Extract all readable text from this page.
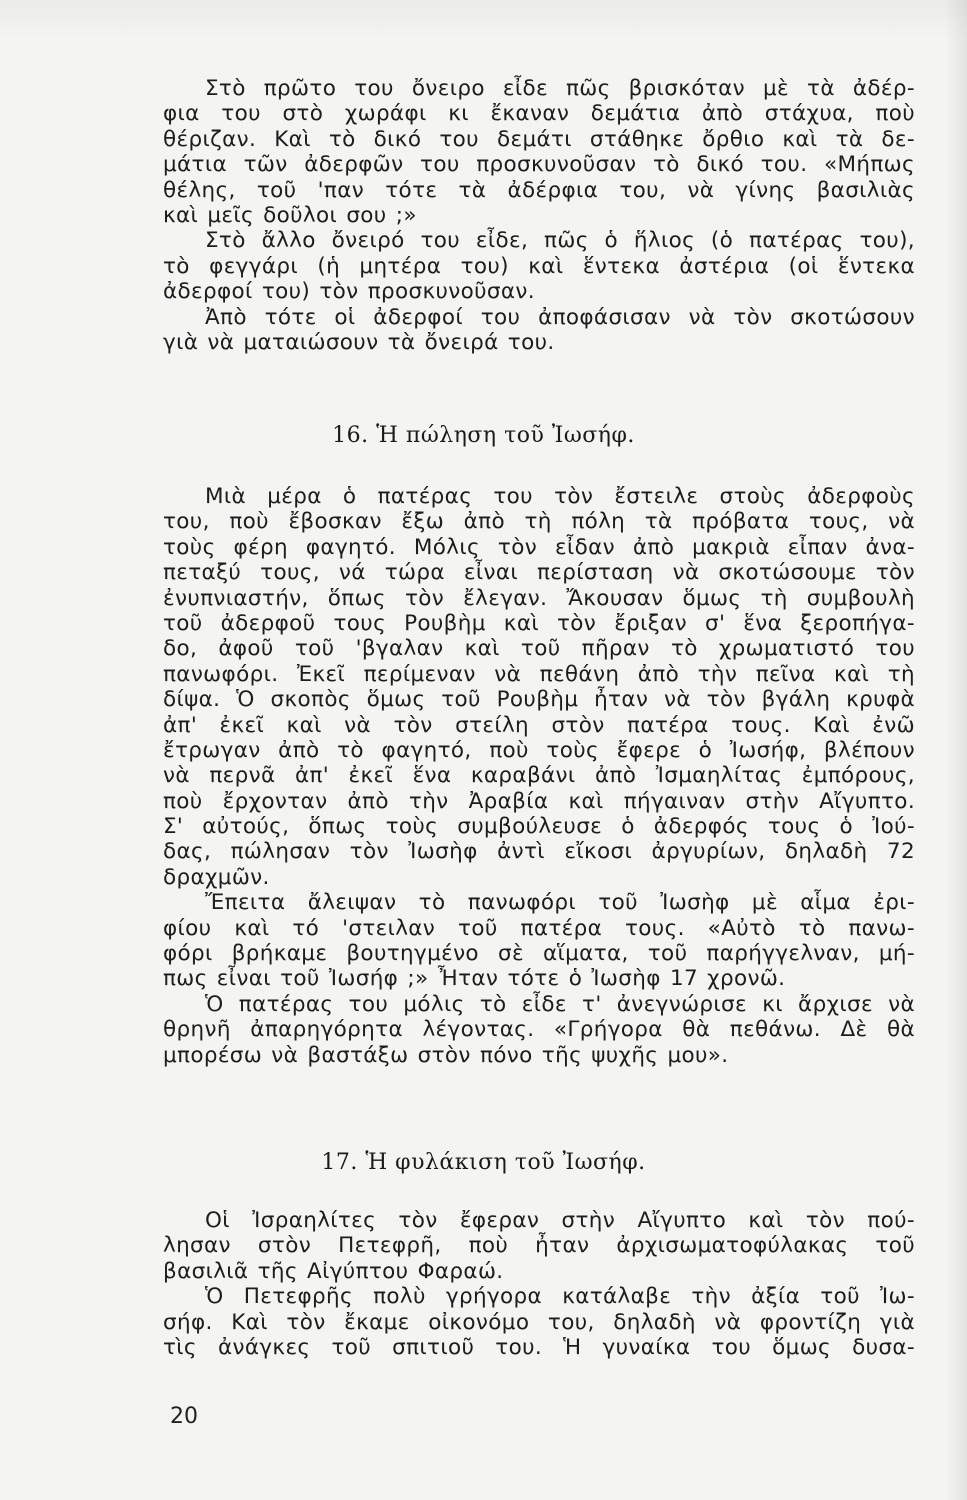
Στὸ πρῶτο του ὄνειρο εἶδε πῶς βρισκόταν μὲ τὰ ἀδέρ-
φια του στὸ χωράφι κι ἔκαναν δεμάτια ἀπὸ στάχυα, ποὺ
θέριζαν. Καὶ τὸ δικό του δεμάτι στάθηκε ὄρθιο καὶ τὰ δε-
μάτια τῶν ἀδερφῶν του προσκυνοῦσαν τὸ δικό του. «Μήπως
θέλης, τοῦ 'παν τότε τὰ ἀδέρφια του, νὰ γίνης βασιλιὰς
καὶ μεῖς δοῦλοι σου ;»
Στὸ ἄλλο ὄνειρό του εἶδε, πῶς ὁ ἥλιος (ὁ πατέρας του),
τὸ φεγγάρι (ἡ μητέρα του) καὶ ἕντεκα ἀστέρια (οἱ ἕντεκα
ἀδερφοί του) τὸν προσκυνοῦσαν.
Ἀπὸ τότε οἱ ἀδερφοί του ἀποφάσισαν νὰ τὸν σκοτώσουν
γιὰ νὰ ματαιώσουν τὰ ὄνειρά του.
16. Ἡ πώληση τοῦ Ἰωσήφ.
Μιὰ μέρα ὁ πατέρας του τὸν ἔστειλε στοὺς ἀδερφοὺς
του, ποὺ ἔβοσκαν ἔξω ἀπὸ τὴ πόλη τὰ πρόβατα τους, νὰ
τοὺς φέρη φαγητό. Μόλις τὸν εἶδαν ἀπὸ μακριὰ εἶπαν ἀνα-
πεταξύ τους, νά τώρα εἶναι περίσταση νὰ σκοτώσουμε τὸν
ἐνυπνιαστήν, ὅπως τὸν ἔλεγαν. Ἄκουσαν ὅμως τὴ συμβουλὴ
τοῦ ἀδερφοῦ τους Ρουβὴμ καὶ τὸν ἔριξαν σ' ἕνα ξεροπήγα-
δο, ἀφοῦ τοῦ 'βγαλαν καὶ τοῦ πῆραν τὸ χρωματιστό του
πανωφόρι. Ἐκεῖ περίμεναν νὰ πεθάνη ἀπὸ τὴν πεῖνα καὶ τὴ
δίψα. Ὁ σκοπὸς ὅμως τοῦ Ρουβὴμ ἦταν νὰ τὸν βγάλη κρυφὰ
ἀπ' ἐκεῖ καὶ νὰ τὸν στείλη στὸν πατέρα τους. Καὶ ἐνῶ
ἔτρωγαν ἀπὸ τὸ φαγητό, ποὺ τοὺς ἔφερε ὁ Ἰωσήφ, βλέπουν
νὰ περνᾶ ἀπ' ἐκεῖ ἕνα καραβάνι ἀπὸ Ἰσμαηλίτας ἐμπόρους,
ποὺ ἔρχονταν ἀπὸ τὴν Ἀραβία καὶ πήγαιναν στὴν Αἴγυπτο.
Σ' αὐτούς, ὅπως τοὺς συμβούλευσε ὁ ἀδερφός τους ὁ Ἰού-
δας, πώλησαν τὸν Ἰωσὴφ ἀντὶ εἴκοσι ἀργυρίων, δηλαδὴ 72
δραχμῶν.
Ἔπειτα ἄλειψαν τὸ πανωφόρι τοῦ Ἰωσὴφ μὲ αἷμα ἐρι-
φίου καὶ τό 'στειλαν τοῦ πατέρα τους. «Αὐτὸ τὸ πανω-
φόρι βρήκαμε βουτηγμένο σὲ αἵματα, τοῦ παρήγγελναν, μή-
πως εἶναι τοῦ Ἰωσήφ ;» Ἦταν τότε ὁ Ἰωσὴφ 17 χρονῶ.
Ὁ πατέρας του μόλις τὸ εἶδε τ' ἀνεγνώρισε κι ἄρχισε νὰ
θρηνῆ ἀπαρηγόρητα λέγοντας. «Γρήγορα θὰ πεθάνω. Δὲ θὰ
μπορέσω νὰ βαστάξω στὸν πόνο τῆς ψυχῆς μου».
17. Ἡ φυλάκιση τοῦ Ἰωσήφ.
Οἱ Ἰσραηλίτες τὸν ἔφεραν στὴν Αἴγυπτο καὶ τὸν πού-
λησαν στὸν Πετεφρῆ, ποὺ ἦταν ἀρχισωματοφύλακας τοῦ
βασιλιᾶ τῆς Αἰγύπτου Φαραώ.
Ὁ Πετεφρῆς πολὺ γρήγορα κατάλαβε τὴν ἀξία τοῦ Ἰω-
σήφ. Καὶ τὸν ἔκαμε οἰκονόμο του, δηλαδὴ νὰ φροντίζη γιὰ
τὶς ἀνάγκες τοῦ σπιτιοῦ του. Ἡ γυναίκα του ὅμως δυσα-
20
